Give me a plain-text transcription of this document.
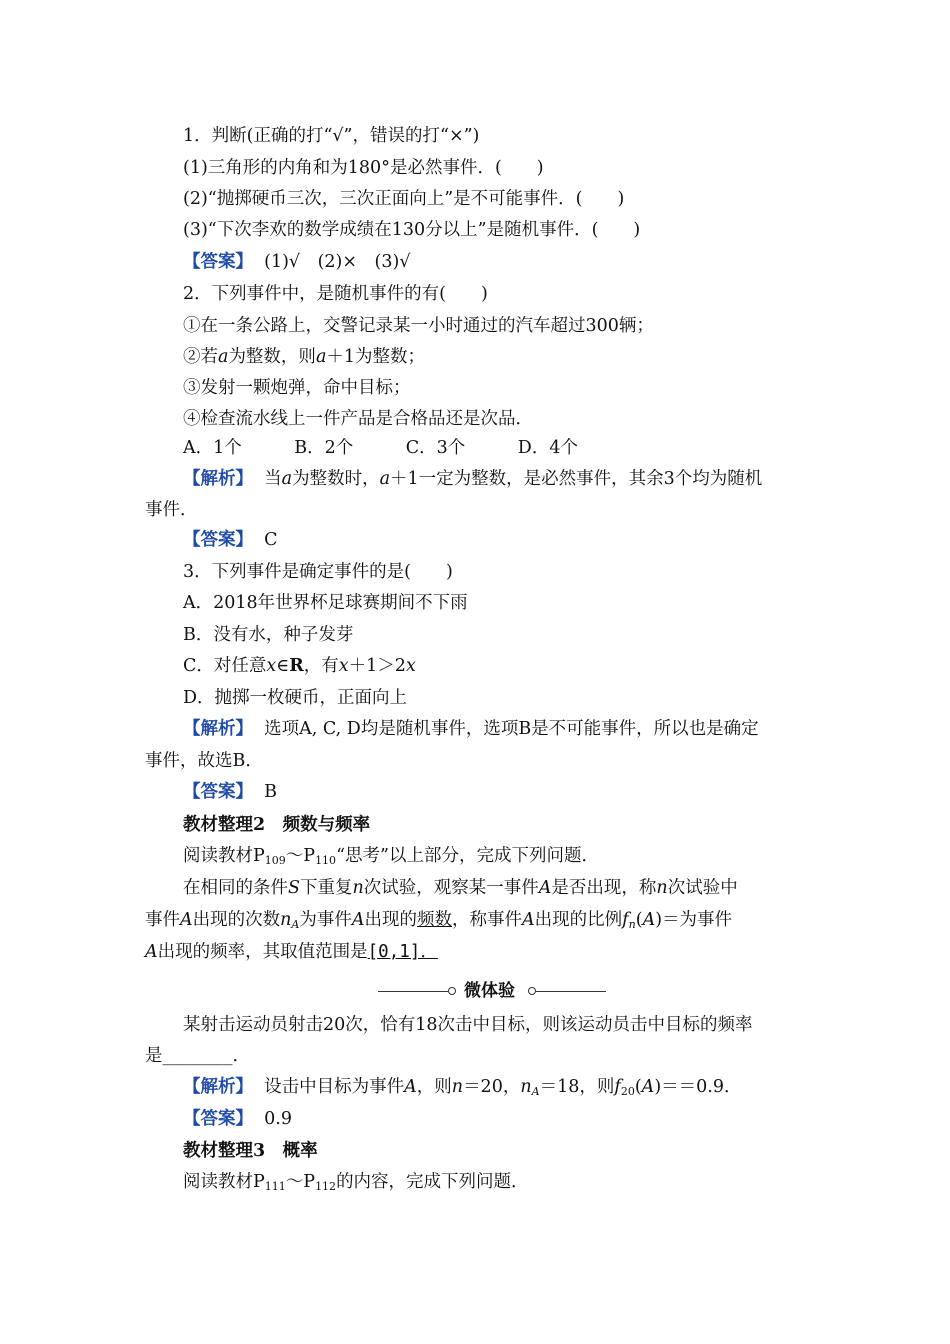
1．判断(正确的打“√”，错误的打“×”)
(1)三角形的内角和为180°是必然事件．(　　)
(2)“抛掷硬币三次，三次正面向上”是不可能事件．(　　)
(3)“下次李欢的数学成绩在130分以上”是随机事件．(　　)
【答案】 (1)√　(2)×　(3)√
2．下列事件中，是随机事件的有(　　)
①在一条公路上，交警记录某一小时通过的汽车超过300辆；
②若a为整数，则a＋1为整数；
③发射一颗炮弹，命中目标；
④检查流水线上一件产品是合格品还是次品．
A．1个　　　B．2个　　　C．3个　　　D．4个
【解析】 当a为整数时，a＋1一定为整数，是必然事件，其余3个均为随机
事件．
【答案】 C
3．下列事件是确定事件的是(　　)
A．2018年世界杯足球赛期间不下雨
B．没有水，种子发芽
C．对任意x∈R，有x＋1＞2x
D．抛掷一枚硬币，正面向上
【解析】 选项A, C, D均是随机事件，选项B是不可能事件，所以也是确定
事件，故选B．
【答案】 B
教材整理2　频数与频率
阅读教材$P_{109}\sim P_{110}“$思考”以上部分，完成下列问题．
在相同的条件S下重复n次试验，观察某一事件A是否出现，称n次试验中
事件A出现的次数$n_A$为事件A出现的频数，称事件A出现的比例$f_n(A)=$为事件
A出现的频率，其取值范围是[0,1]．
微体验
某射击运动员射击20次，恰有18次击中目标，则该运动员击中目标的频率
是________．
【解析】 设击中目标为事件A，则n＝20，$n_A=18$，则$f_{20}(A)==0.9$．
【答案】 0.9
教材整理3　概率
阅读教材$P_{111}\sim P_{112}$的内容，完成下列问题．
